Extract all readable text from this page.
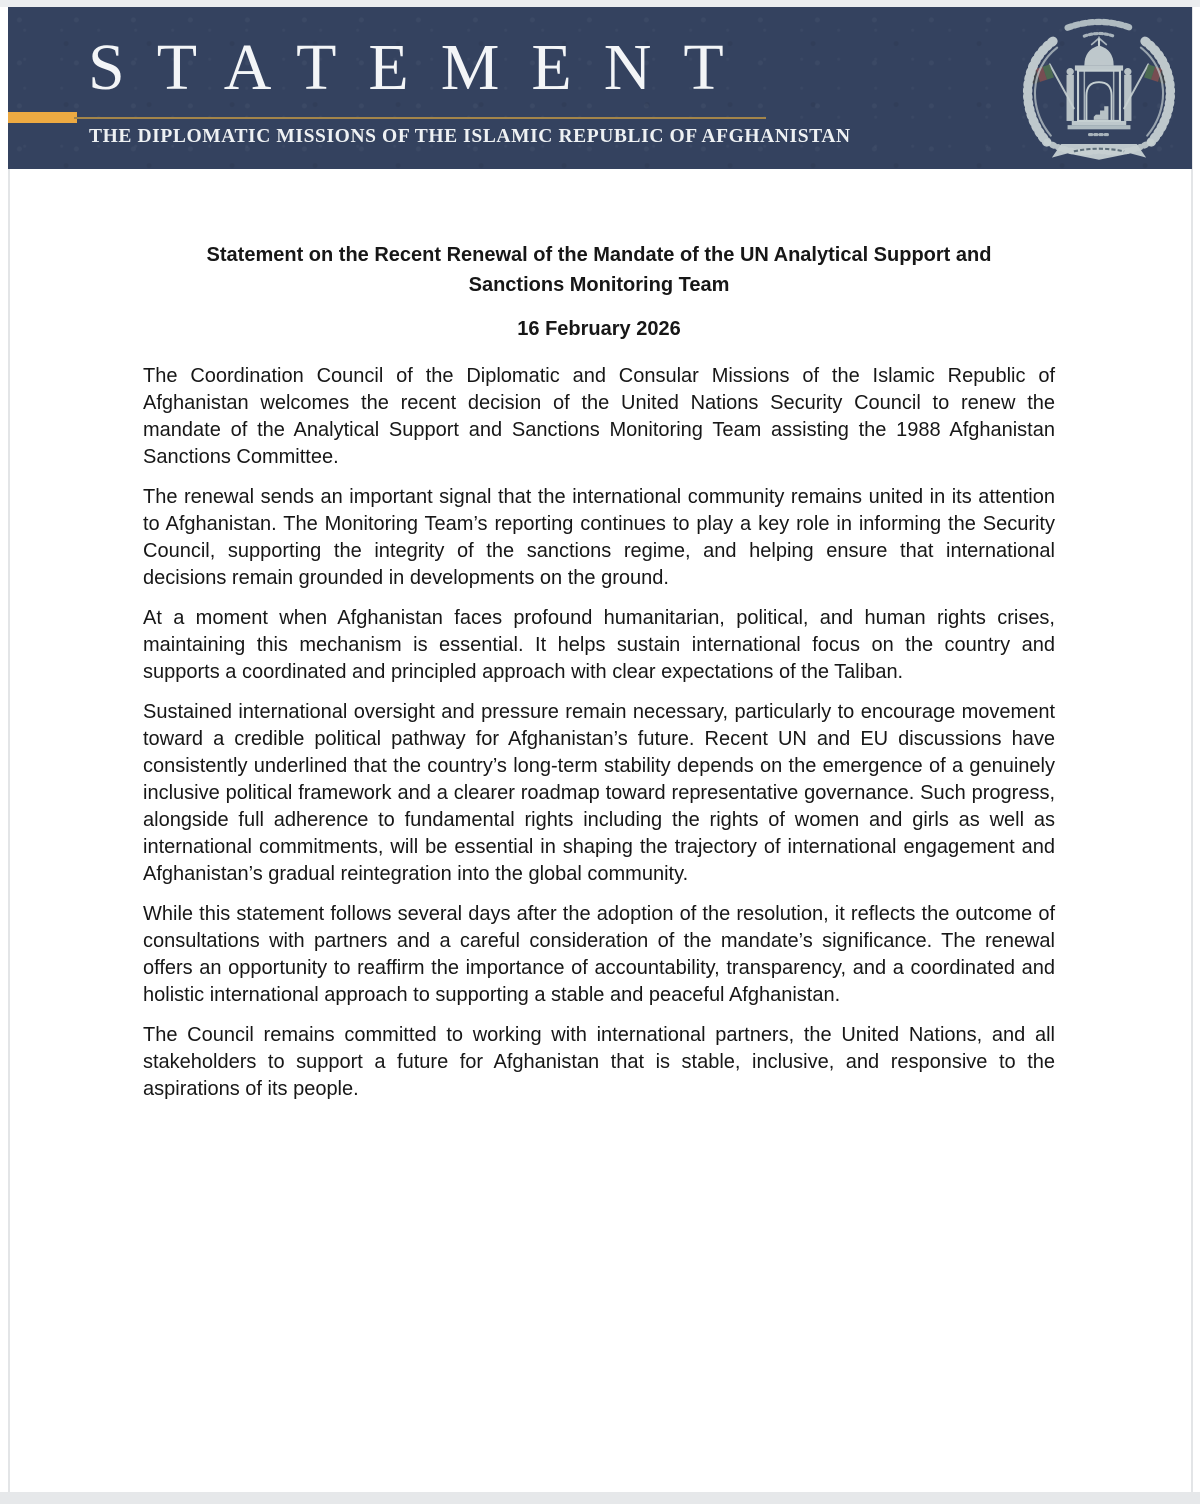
STATEMENT
THE DIPLOMATIC MISSIONS OF THE ISLAMIC REPUBLIC OF AFGHANISTAN
Statement on the Recent Renewal of the Mandate of the UN Analytical Support and Sanctions Monitoring Team
16 February 2026

The Coordination Council of the Diplomatic and Consular Missions of the Islamic Republic of Afghanistan welcomes the recent decision of the United Nations Security Council to renew the mandate of the Analytical Support and Sanctions Monitoring Team assisting the 1988 Afghanistan Sanctions Committee.

The renewal sends an important signal that the international community remains united in its attention to Afghanistan. The Monitoring Team’s reporting continues to play a key role in informing the Security Council, supporting the integrity of the sanctions regime, and helping ensure that international decisions remain grounded in developments on the ground.

At a moment when Afghanistan faces profound humanitarian, political, and human rights crises, maintaining this mechanism is essential. It helps sustain international focus on the country and supports a coordinated and principled approach with clear expectations of the Taliban.

Sustained international oversight and pressure remain necessary, particularly to encourage movement toward a credible political pathway for Afghanistan’s future. Recent UN and EU discussions have consistently underlined that the country’s long-term stability depends on the emergence of a genuinely inclusive political framework and a clearer roadmap toward representative governance. Such progress, alongside full adherence to fundamental rights including the rights of women and girls as well as international commitments, will be essential in shaping the trajectory of international engagement and Afghanistan’s gradual reintegration into the global community.

While this statement follows several days after the adoption of the resolution, it reflects the outcome of consultations with partners and a careful consideration of the mandate’s significance. The renewal offers an opportunity to reaffirm the importance of accountability, transparency, and a coordinated and holistic international approach to supporting a stable and peaceful Afghanistan.

The Council remains committed to working with international partners, the United Nations, and all stakeholders to support a future for Afghanistan that is stable, inclusive, and responsive to the aspirations of its people.
